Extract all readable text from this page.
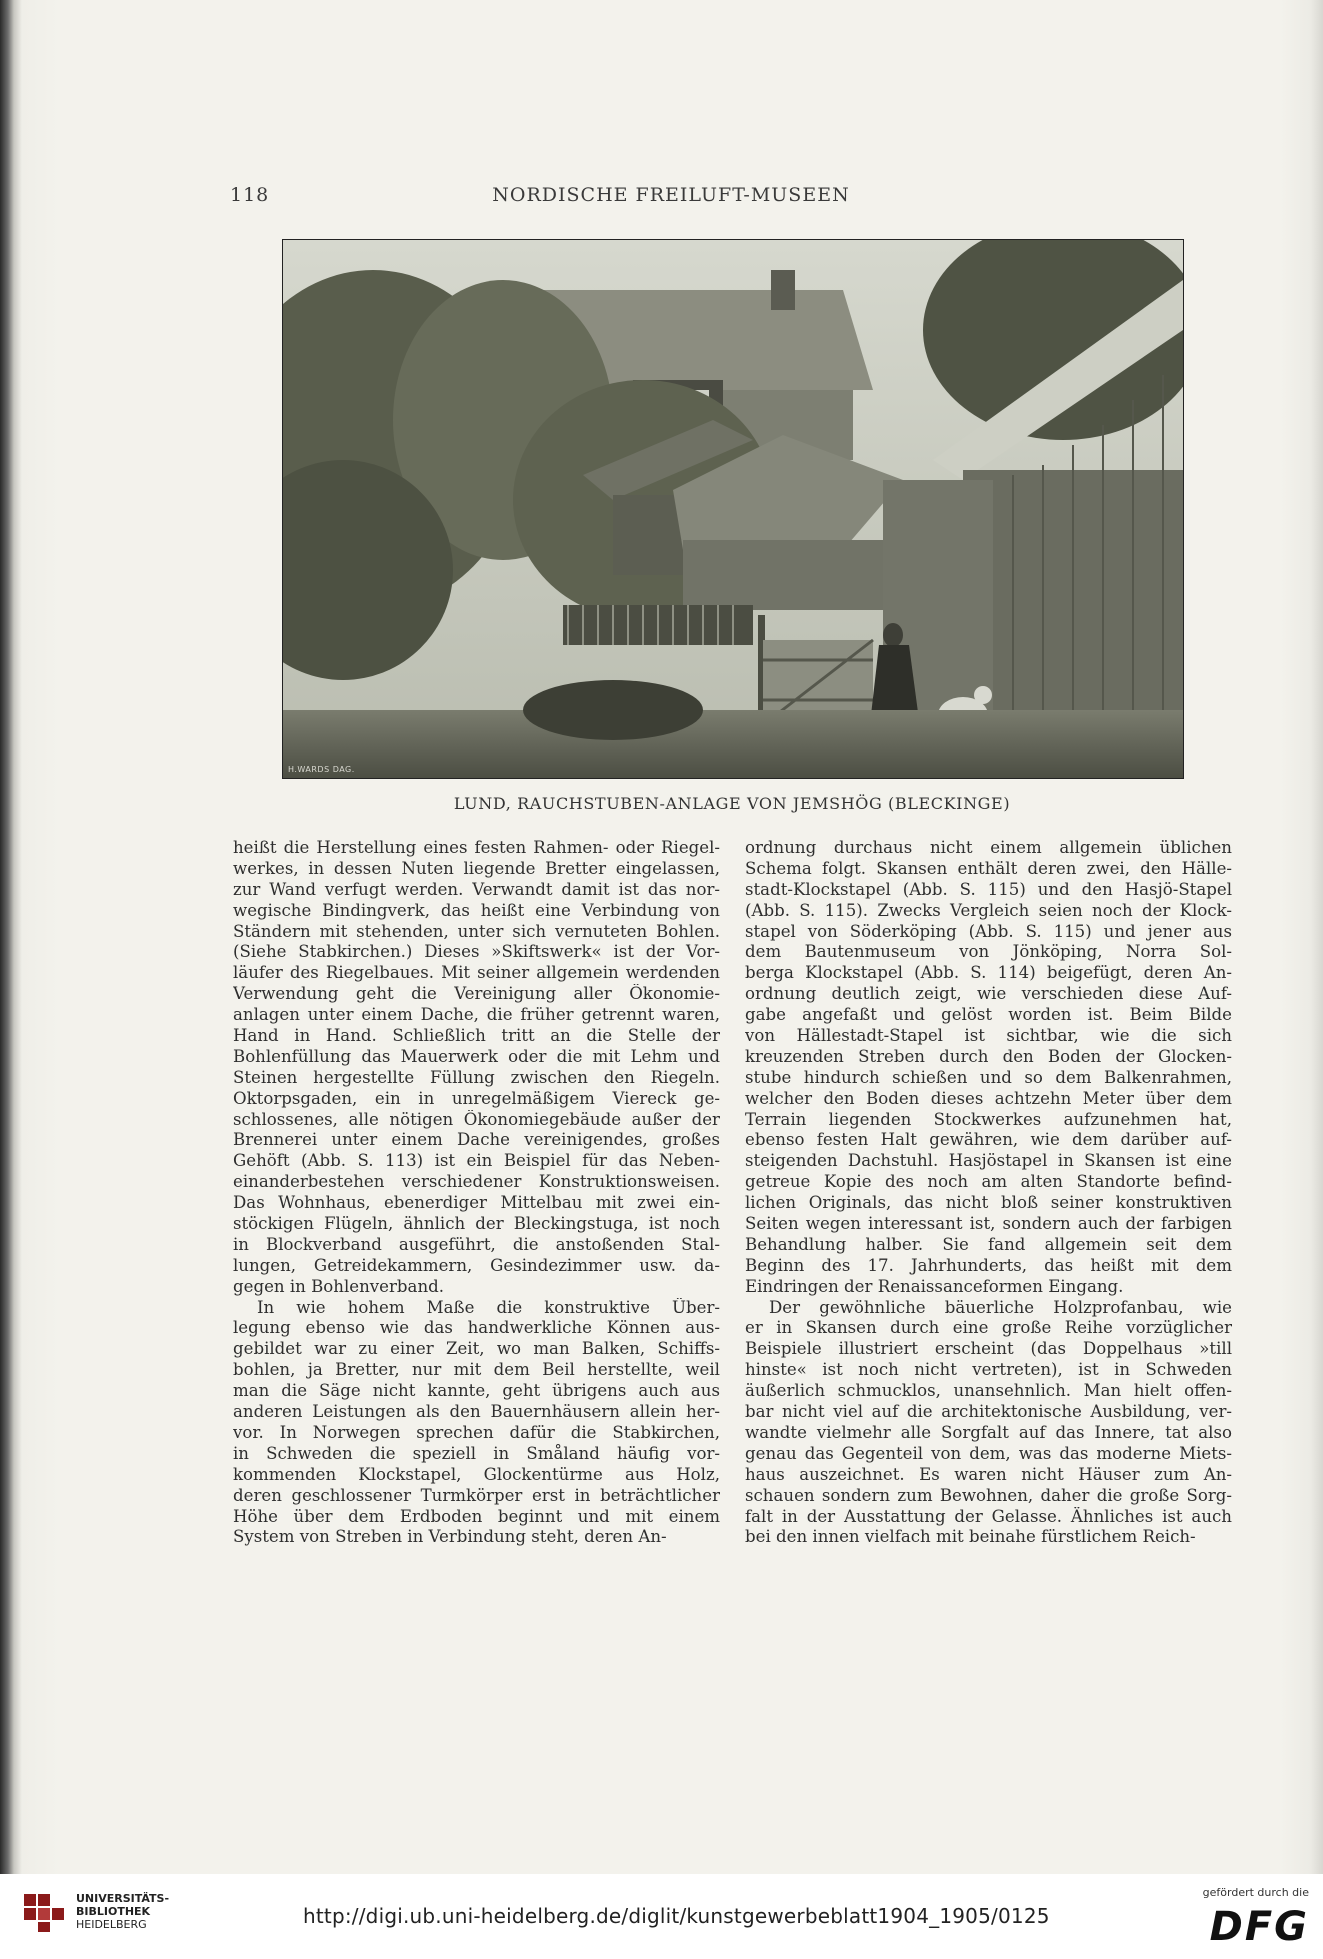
118	NORDISCHE FREILUFT-MUSEEN
H.WARDS DAG.
LUND, RAUCHSTUBEN-ANLAGE VON JEMSHÖG (BLECKINGE)
heißt die Herstellung eines festen Rahmen- oder Riegel-
werkes, in dessen Nuten liegende Bretter eingelassen,
zur Wand verfugt werden. Verwandt damit ist das nor-
wegische Bindingverk, das heißt eine Verbindung von
Ständern mit stehenden, unter sich vernuteten Bohlen.
(Siehe Stabkirchen.) Dieses »Skiftswerk« ist der Vor-
läufer des Riegelbaues. Mit seiner allgemein werdenden
Verwendung geht die Vereinigung aller Ökonomie-
anlagen unter einem Dache, die früher getrennt waren,
Hand in Hand. Schließlich tritt an die Stelle der
Bohlenfüllung das Mauerwerk oder die mit Lehm und
Steinen hergestellte Füllung zwischen den Riegeln.
Oktorpsgaden, ein in unregelmäßigem Viereck ge-
schlossenes, alle nötigen Ökonomiegebäude außer der
Brennerei unter einem Dache vereinigendes, großes
Gehöft (Abb. S. 113) ist ein Beispiel für das Neben-
einanderbestehen verschiedener Konstruktionsweisen.
Das Wohnhaus, ebenerdiger Mittelbau mit zwei ein-
stöckigen Flügeln, ähnlich der Bleckingstuga, ist noch
in Blockverband ausgeführt, die anstoßenden Stal-
lungen, Getreidekammern, Gesindezimmer usw. da-
gegen in Bohlenverband.
In wie hohem Maße die konstruktive Über-
legung ebenso wie das handwerkliche Können aus-
gebildet war zu einer Zeit, wo man Balken, Schiffs-
bohlen, ja Bretter, nur mit dem Beil herstellte, weil
man die Säge nicht kannte, geht übrigens auch aus
anderen Leistungen als den Bauernhäusern allein her-
vor. In Norwegen sprechen dafür die Stabkirchen,
in Schweden die speziell in Småland häufig vor-
kommenden Klockstapel, Glockentürme aus Holz,
deren geschlossener Turmkörper erst in beträchtlicher
Höhe über dem Erdboden beginnt und mit einem
System von Streben in Verbindung steht, deren An-
ordnung durchaus nicht einem allgemein üblichen
Schema folgt. Skansen enthält deren zwei, den Hälle-
stadt-Klockstapel (Abb. S. 115) und den Hasjö-Stapel
(Abb. S. 115). Zwecks Vergleich seien noch der Klock-
stapel von Söderköping (Abb. S. 115) und jener aus
dem Bautenmuseum von Jönköping, Norra Sol-
berga Klockstapel (Abb. S. 114) beigefügt, deren An-
ordnung deutlich zeigt, wie verschieden diese Auf-
gabe angefaßt und gelöst worden ist. Beim Bilde
von Hällestadt-Stapel ist sichtbar, wie die sich
kreuzenden Streben durch den Boden der Glocken-
stube hindurch schießen und so dem Balkenrahmen,
welcher den Boden dieses achtzehn Meter über dem
Terrain liegenden Stockwerkes aufzunehmen hat,
ebenso festen Halt gewähren, wie dem darüber auf-
steigenden Dachstuhl. Hasjöstapel in Skansen ist eine
getreue Kopie des noch am alten Standorte befind-
lichen Originals, das nicht bloß seiner konstruktiven
Seiten wegen interessant ist, sondern auch der farbigen
Behandlung halber. Sie fand allgemein seit dem
Beginn des 17. Jahrhunderts, das heißt mit dem
Eindringen der Renaissanceformen Eingang.
Der gewöhnliche bäuerliche Holzprofanbau, wie
er in Skansen durch eine große Reihe vorzüglicher
Beispiele illustriert erscheint (das Doppelhaus »till
hinste« ist noch nicht vertreten), ist in Schweden
äußerlich schmucklos, unansehnlich. Man hielt offen-
bar nicht viel auf die architektonische Ausbildung, ver-
wandte vielmehr alle Sorgfalt auf das Innere, tat also
genau das Gegenteil von dem, was das moderne Miets-
haus auszeichnet. Es waren nicht Häuser zum An-
schauen sondern zum Bewohnen, daher die große Sorg-
falt in der Ausstattung der Gelasse. Ähnliches ist auch
bei den innen vielfach mit beinahe fürstlichem Reich-
UNIVERSITÄTS-
BIBLIOTHEK
HEIDELBERG	http://digi.ub.uni-heidelberg.de/diglit/kunstgewerbeblatt1904_1905/0125
gefördert durch die
DFG
